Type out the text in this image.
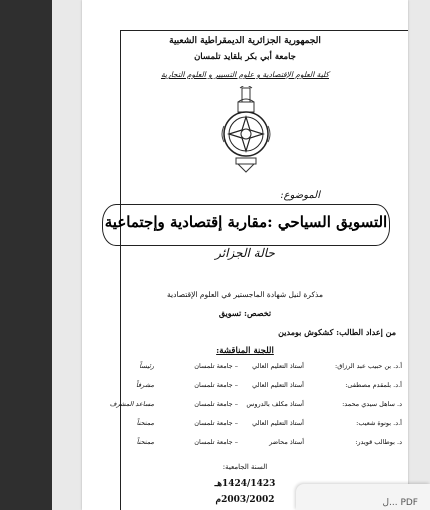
الجمهورية الجزائرية الديمقراطية الشعبية
جامعة أبي بكر بلقايد تلمسان
كلية العلوم الإقتصادية و علوم التسيير و العلوم التجارية
الموضوع:
التسويق السياحي :مقاربة إقتصادية وإجتماعية
حالة الجزائر
مذكرة لنيل شهادة الماجستير في العلوم الإقتصادية
تخصص: تسويق
من إعداد الطالب: كشكوش بومدين
اللجنة المناقشة:
أ.د. بن حبيب عبد الرزاق:
أستاذ التعليم العالي
– جامعة تلمسان
رئيساً
أ.د. بلمقدم مصطفى:
أستاذ التعليم العالي
– جامعة تلمسان
مشرفاً
د. ساهل سيدي محمد:
أستاذ مكلف بالدروس
– جامعة تلمسان
مساعد المشرف
أ.د. بونوة شعيب:
أستاذ التعليم العالي
– جامعة تلمسان
ممتحناً
د. بوطالب قويدر:
أستاذ محاضر
– جامعة تلمسان
ممتحناً
السنة الجامعية:
1424/1423هـ
2003/2002م	PDF ...ل
